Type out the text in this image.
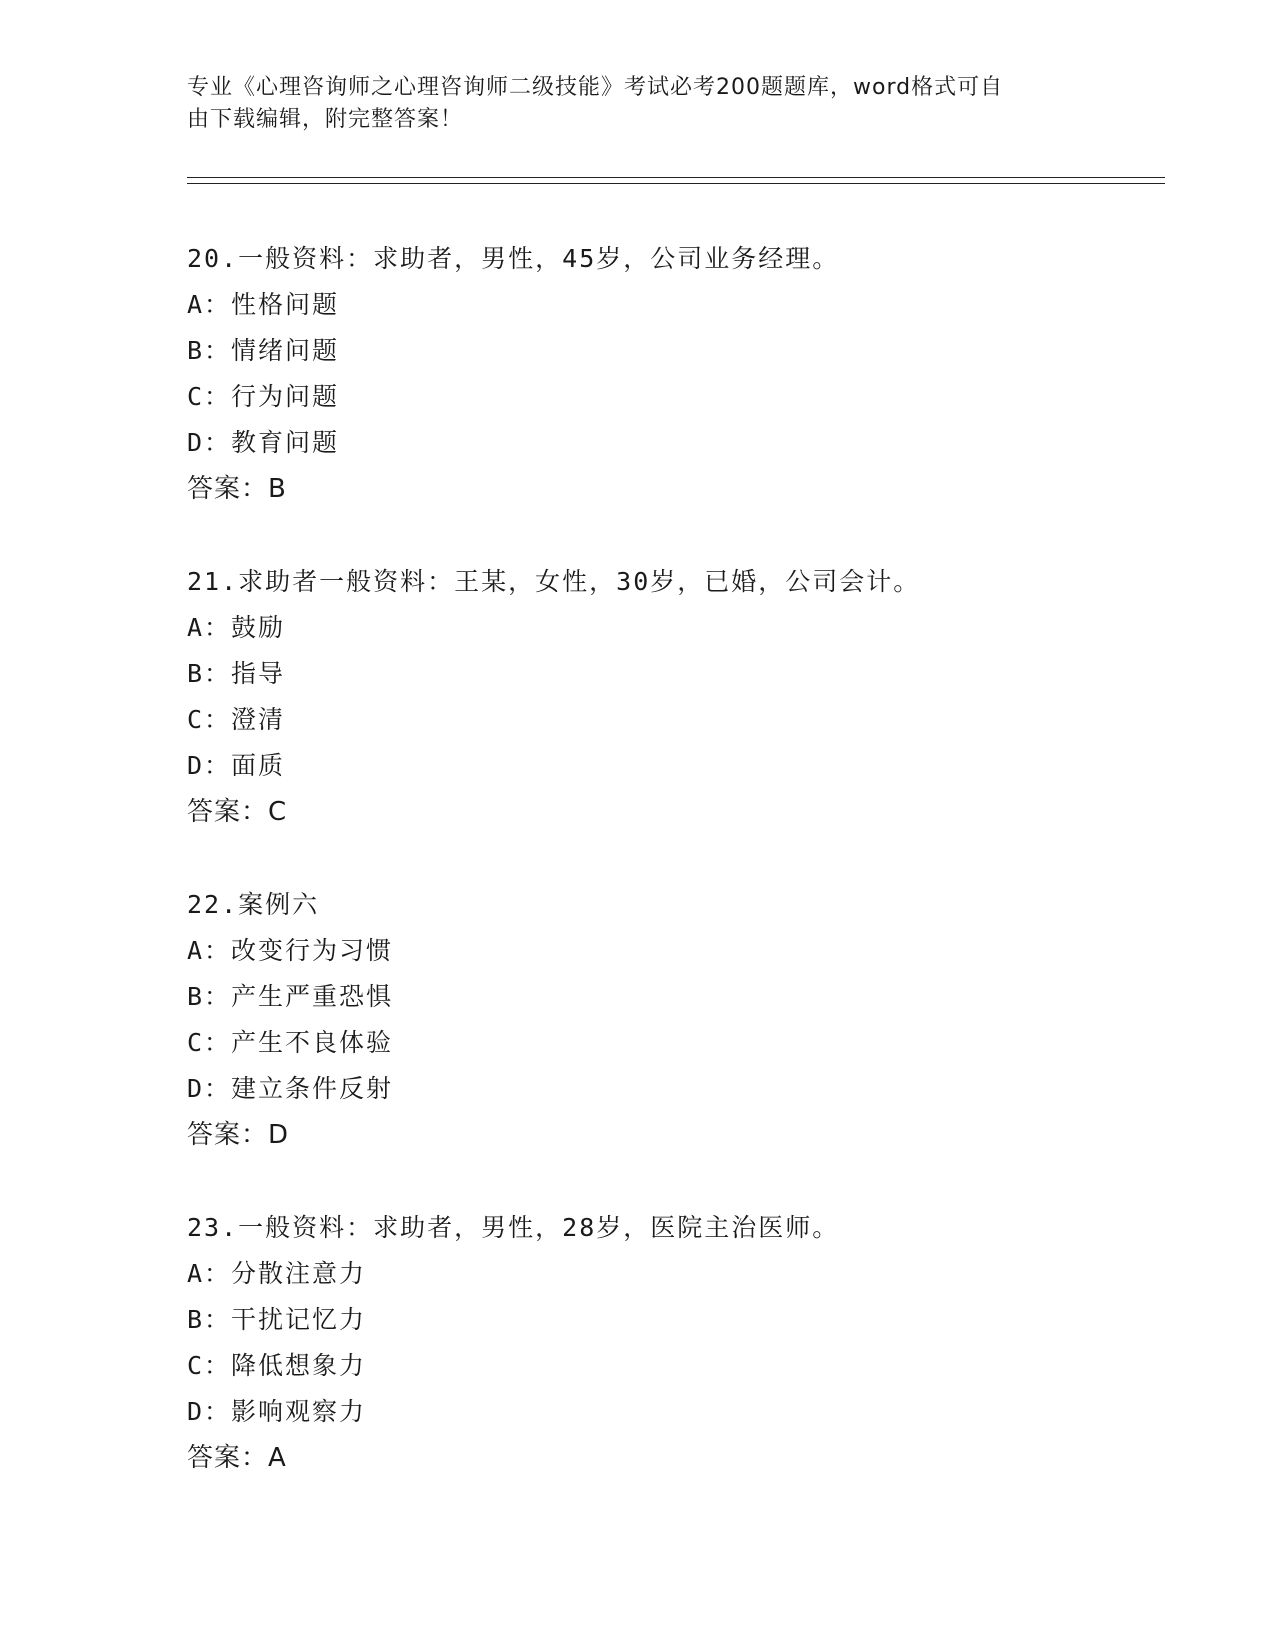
专业《心理咨询师之心理咨询师二级技能》考试必考200题题库，word格式可自
由下载编辑，附完整答案！
20.一般资料：求助者，男性，45岁，公司业务经理。
A：性格问题
B：情绪问题
C：行为问题
D：教育问题
答案：B
21.求助者一般资料：王某，女性，30岁，已婚，公司会计。
A：鼓励
B：指导
C：澄清
D：面质
答案：C
22.案例六
A：改变行为习惯
B：产生严重恐惧
C：产生不良体验
D：建立条件反射
答案：D
23.一般资料：求助者，男性，28岁，医院主治医师。
A：分散注意力
B：干扰记忆力
C：降低想象力
D：影响观察力
答案：A
